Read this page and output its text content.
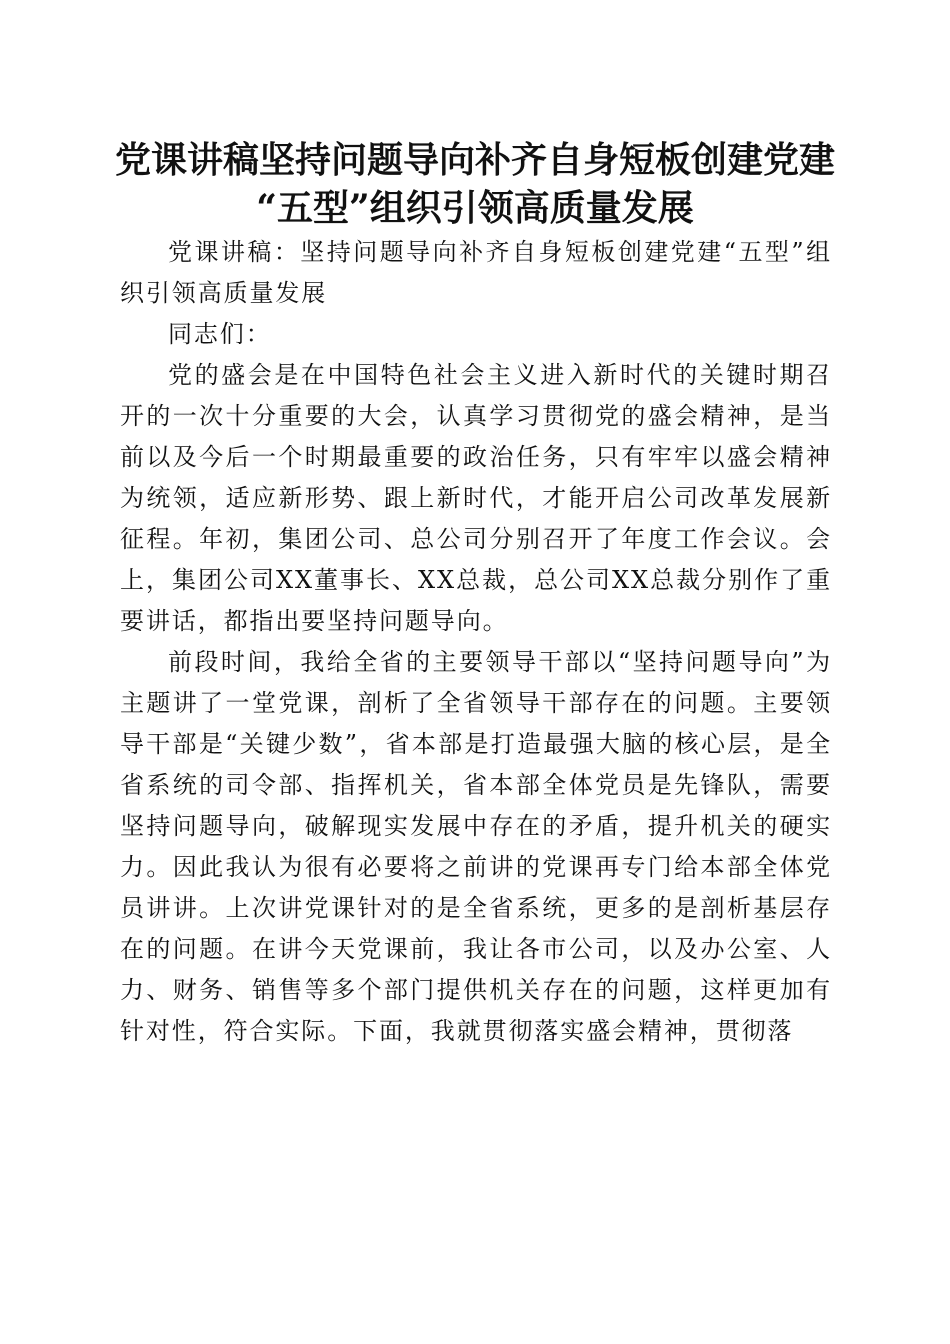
党课讲稿坚持问题导向补齐自身短板创建党建
“五型”组织引领高质量发展

党课讲稿：坚持问题导向补齐自身短板创建党建“五型”组织引领高质量发展

同志们：

党的盛会是在中国特色社会主义进入新时代的关键时期召开的一次十分重要的大会，认真学习贯彻党的盛会精神，是当前以及今后一个时期最重要的政治任务，只有牢牢以盛会精神为统领，适应新形势、跟上新时代，才能开启公司改革发展新征程。年初，集团公司、总公司分别召开了年度工作会议。会上，集团公司XX董事长、XX总裁，总公司XX总裁分别作了重要讲话，都指出要坚持问题导向。

前段时间，我给全省的主要领导干部以“坚持问题导向”为主题讲了一堂党课，剖析了全省领导干部存在的问题。主要领导干部是“关键少数”，省本部是打造最强大脑的核心层，是全省系统的司令部、指挥机关，省本部全体党员是先锋队，需要坚持问题导向，破解现实发展中存在的矛盾，提升机关的硬实力。因此我认为很有必要将之前讲的党课再专门给本部全体党员讲讲。上次讲党课针对的是全省系统，更多的是剖析基层存在的问题。在讲今天党课前，我让各市公司，以及办公室、人力、财务、销售等多个部门提供机关存在的问题，这样更加有针对性，符合实际。下面，我就贯彻落实盛会精神，贯彻落
